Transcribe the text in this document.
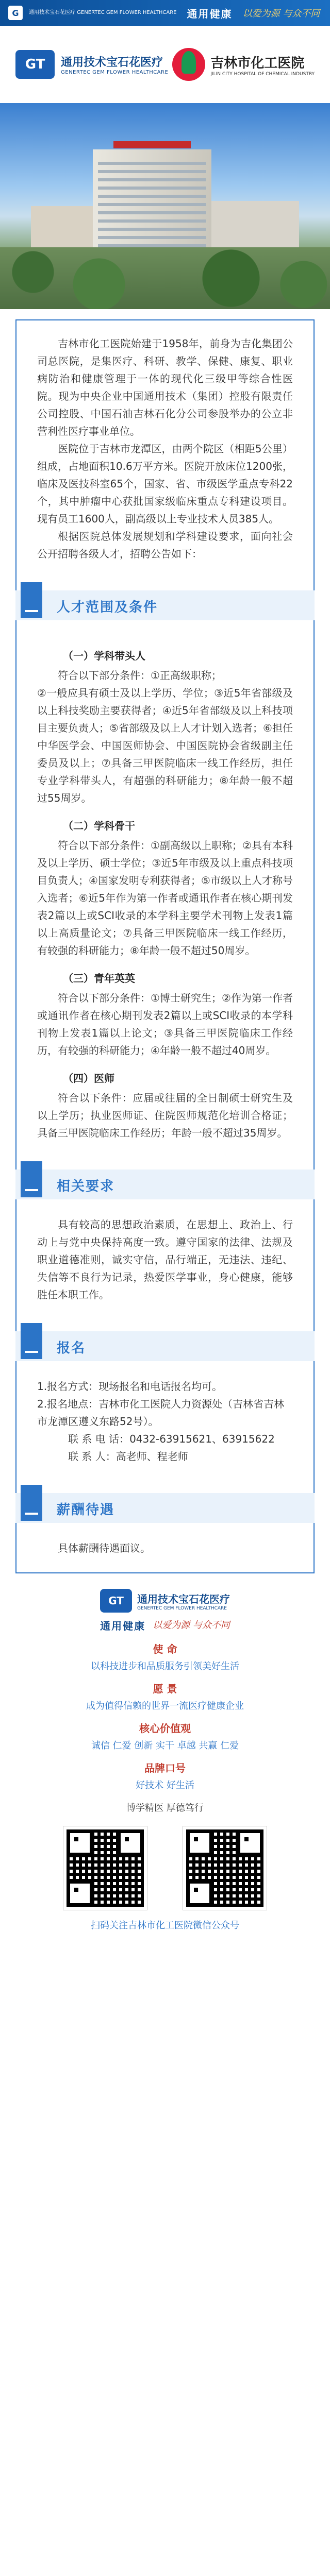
G	通用技术宝石花医疗 GENERTEC GEM FLOWER HEALTHCARE 通用健康 以爱为源 与众不同
GT	通用技术宝石花医疗
GENERTEC GEM FLOWER HEALTHCARE
吉林市化工医院
JILIN CITY HOSPITAL OF CHEMICAL INDUSTRY

吉林市化工医院始建于1958年，前身为吉化集团公司总医院，是集医疗、科研、教学、保健、康复、职业病防治和健康管理于一体的现代化三级甲等综合性医院。现为中央企业中国通用技术（集团）控股有限责任公司控股、中国石油吉林石化分公司参股举办的公立非营利性医疗事业单位。

医院位于吉林市龙潭区，由两个院区（相距5公里）组成，占地面积10.6万平方米。医院开放床位1200张，临床及医技科室65个，国家、省、市级医学重点专科22个，其中肿瘤中心获批国家级临床重点专科建设项目。现有员工1600人，副高级以上专业技术人员385人。

根据医院总体发展规划和学科建设要求，面向社会公开招聘各级人才，招聘公告如下：

人才范围及条件
（一）学科带头人

符合以下部分条件：①正高级职称；

②一般应具有硕士及以上学历、学位；③近5年省部级及以上科技奖励主要获得者；④近5年省部级及以上科技项目主要负责人；⑤省部级及以上人才计划入选者；⑥担任中华医学会、中国医师协会、中国医院协会省级副主任委员及以上；⑦具备三甲医院临床一线工作经历，担任专业学科带头人，有超强的科研能力；⑧年龄一般不超过55周岁。

（二）学科骨干

符合以下部分条件：①副高级以上职称；②具有本科及以上学历、硕士学位；③近5年市级及以上重点科技项目负责人；④国家发明专利获得者；⑤市级以上人才称号入选者；⑥近5年作为第一作者或通讯作者在核心期刊发表2篇以上或SCI收录的本学科主要学术刊物上发表1篇以上高质量论文；⑦具备三甲医院临床一线工作经历，有较强的科研能力；⑧年龄一般不超过50周岁。

（三）青年英英

符合以下部分条件：①博士研究生；②作为第一作者或通讯作者在核心期刊发表2篇以上或SCI收录的本学科刊物上发表1篇以上论文；③具备三甲医院临床工作经历，有较强的科研能力；④年龄一般不超过40周岁。

（四）医师

符合以下条件：应届或往届的全日制硕士研究生及以上学历；执业医师证、住院医师规范化培训合格证；具备三甲医院临床工作经历；年龄一般不超过35周岁。

相关要求

具有较高的思想政治素质，在思想上、政治上、行动上与党中央保持高度一致。遵守国家的法律、法规及职业道德准则，诚实守信，品行端正，无违法、违纪、失信等不良行为记录，热爱医学事业，身心健康，能够胜任本职工作。

报名

1.报名方式：现场报名和电话报名均可。

2.报名地点：吉林市化工医院人力资源处（吉林省吉林市龙潭区遵义东路52号）。

联 系 电 话：0432-63915621、63915622

联 系 人：高老师、程老师

薪酬待遇

具体薪酬待遇面议。

GT	通用技术宝石花医疗
GENERTEC GEM FLOWER HEALTHCARE
通用健康 以爱为源 与众不同
使 命
以科技进步和品质服务引领美好生活
愿 景
成为值得信赖的世界一流医疗健康企业
核心价值观
诚信 仁爱 创新 实干 卓越 共赢 仁爱
品牌口号
好技术 好生活
博学精医 厚德笃行
扫码关注吉林市化工医院微信公众号
